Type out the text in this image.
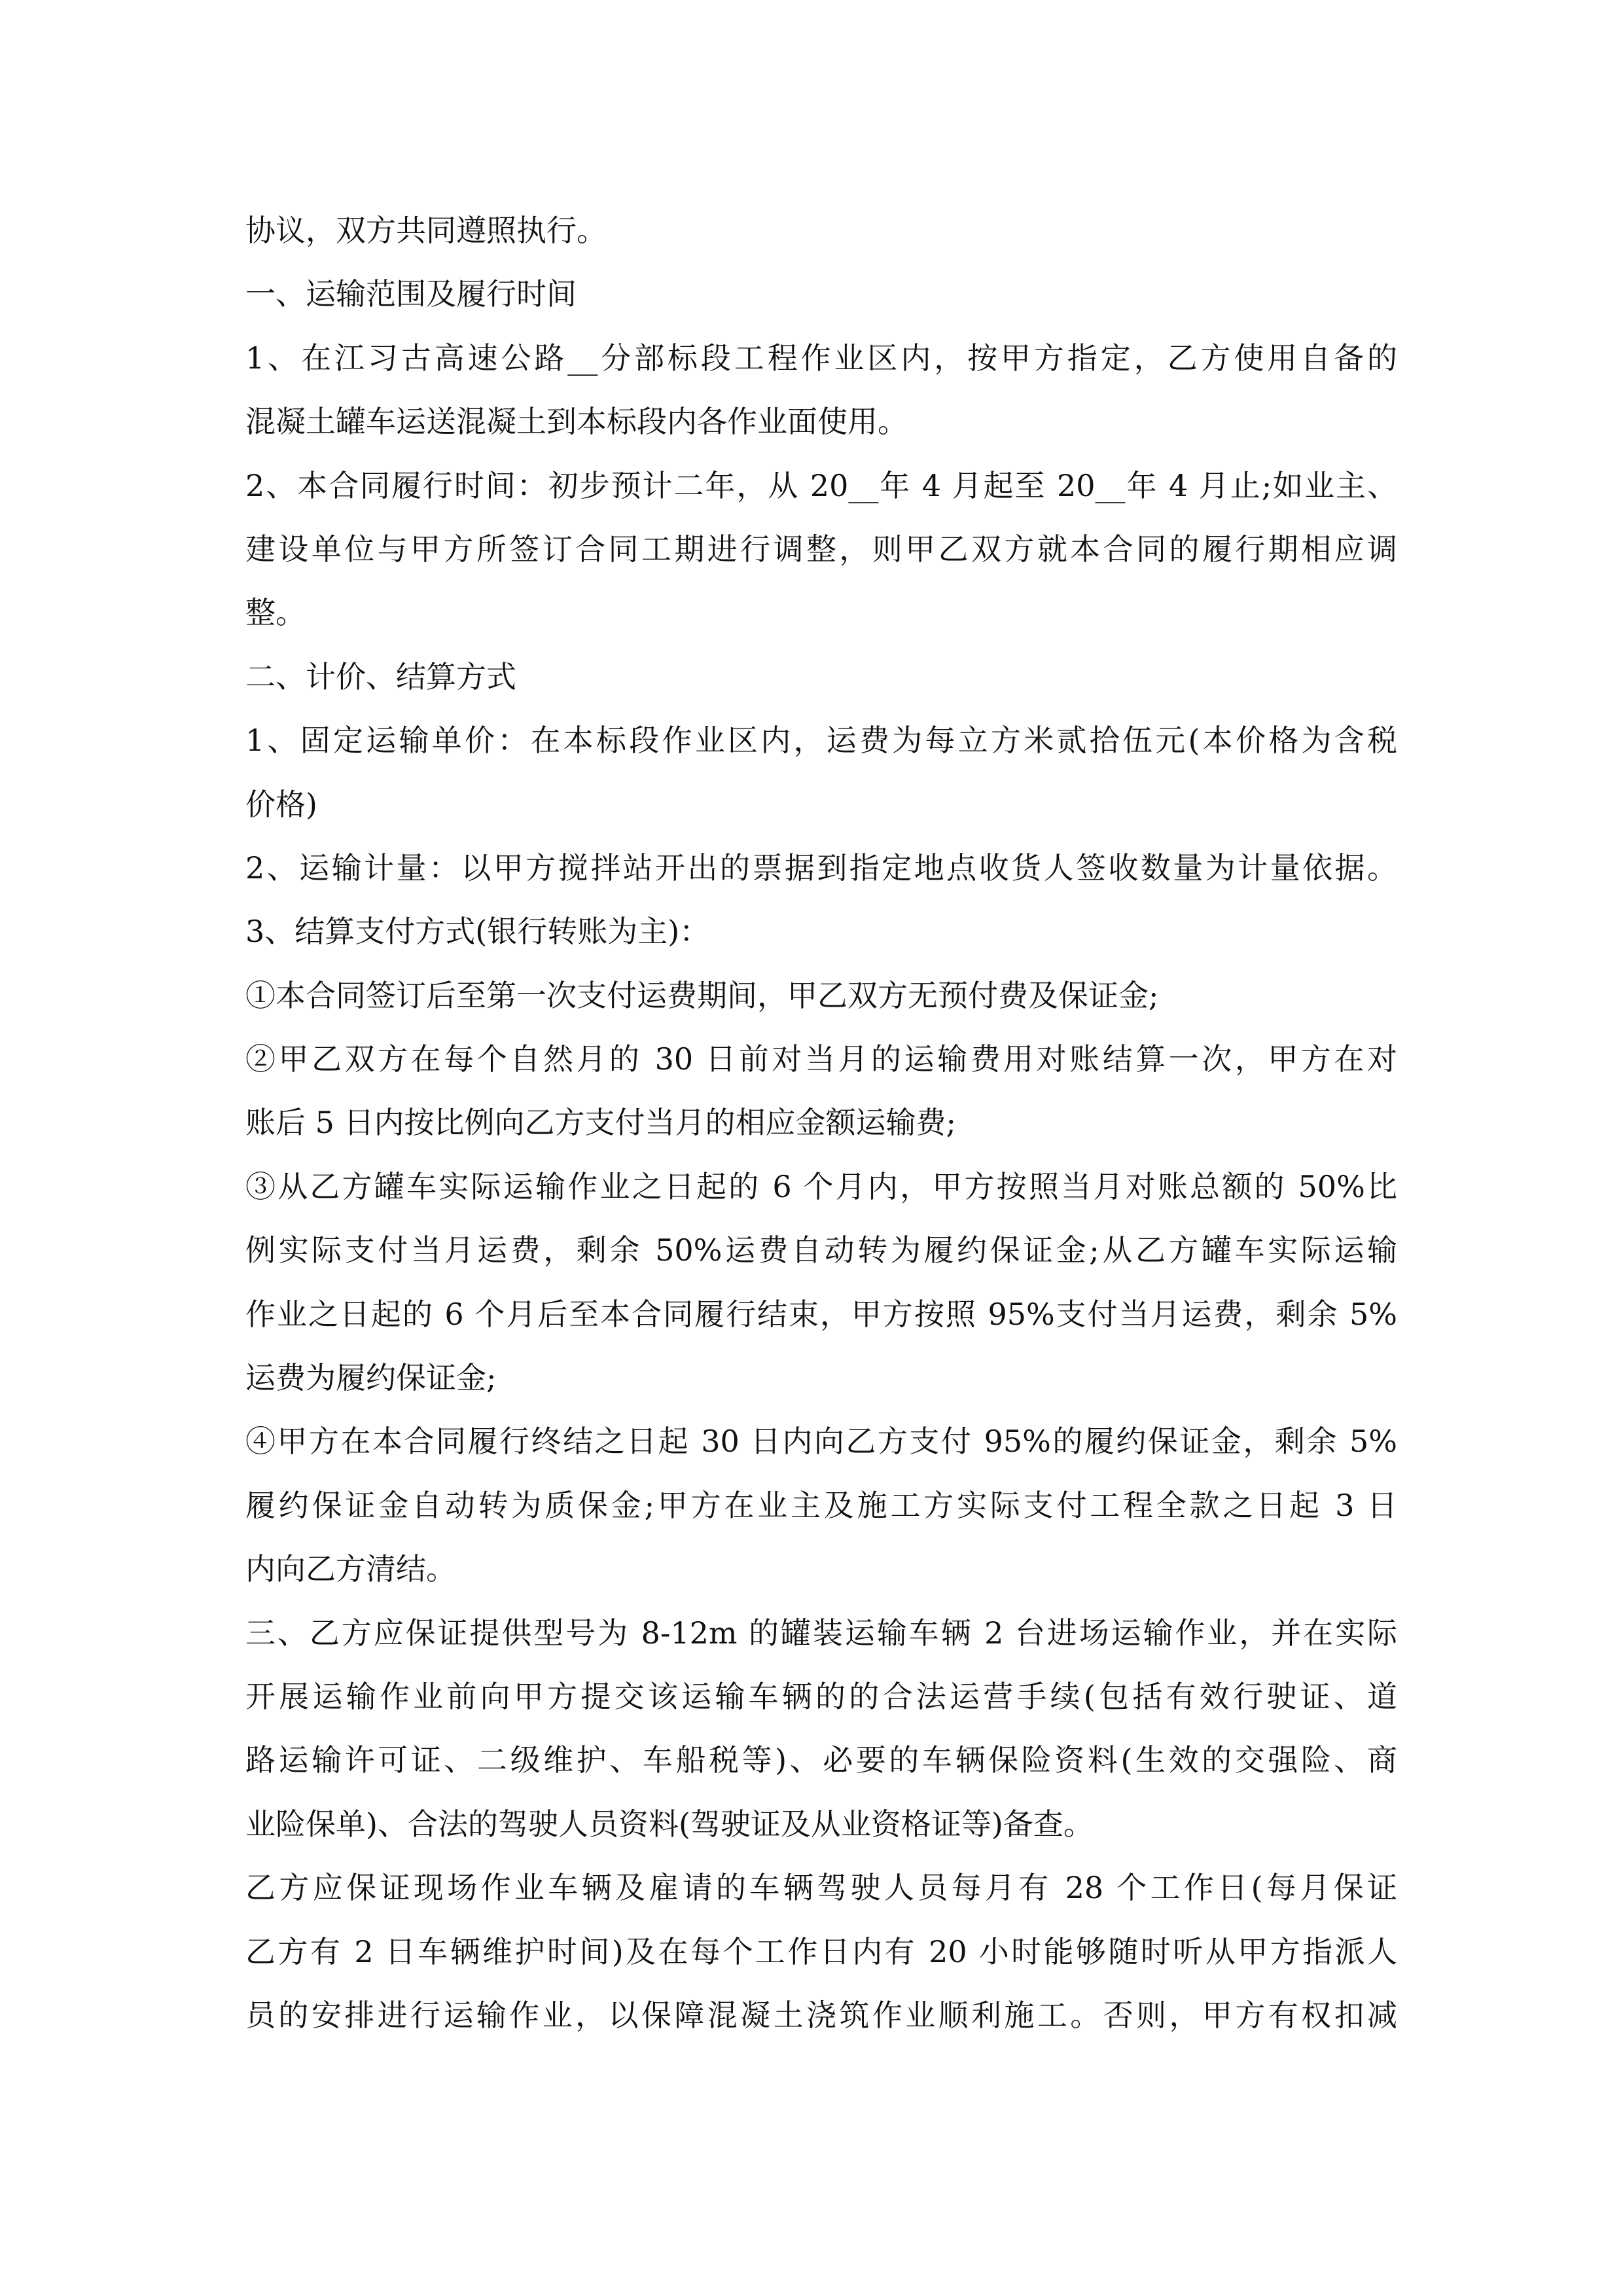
协议，双方共同遵照执行。
一、运输范围及履行时间
1、在江习古高速公路__分部标段工程作业区内，按甲方指定，乙方使用自备的
混凝土罐车运送混凝土到本标段内各作业面使用。
2、本合同履行时间：初步预计二年，从 20__年 4 月起至 20__年 4 月止;如业主、
建设单位与甲方所签订合同工期进行调整，则甲乙双方就本合同的履行期相应调
整。
二、计价、结算方式
1、固定运输单价：在本标段作业区内，运费为每立方米贰拾伍元(本价格为含税
价格)
2、运输计量：以甲方搅拌站开出的票据到指定地点收货人签收数量为计量依据。
3、结算支付方式(银行转账为主)：
①本合同签订后至第一次支付运费期间，甲乙双方无预付费及保证金;
②甲乙双方在每个自然月的 30 日前对当月的运输费用对账结算一次，甲方在对
账后 5 日内按比例向乙方支付当月的相应金额运输费;
③从乙方罐车实际运输作业之日起的 6 个月内，甲方按照当月对账总额的 50%比
例实际支付当月运费，剩余 50%运费自动转为履约保证金;从乙方罐车实际运输
作业之日起的 6 个月后至本合同履行结束，甲方按照 95%支付当月运费，剩余 5%
运费为履约保证金;
④甲方在本合同履行终结之日起 30 日内向乙方支付 95%的履约保证金，剩余 5%
履约保证金自动转为质保金;甲方在业主及施工方实际支付工程全款之日起 3 日
内向乙方清结。
三、乙方应保证提供型号为 8-12m 的罐装运输车辆 2 台进场运输作业，并在实际
开展运输作业前向甲方提交该运输车辆的的合法运营手续(包括有效行驶证、道
路运输许可证、二级维护、车船税等)、必要的车辆保险资料(生效的交强险、商
业险保单)、合法的驾驶人员资料(驾驶证及从业资格证等)备查。
乙方应保证现场作业车辆及雇请的车辆驾驶人员每月有 28 个工作日(每月保证
乙方有 2 日车辆维护时间)及在每个工作日内有 20 小时能够随时听从甲方指派人
员的安排进行运输作业，以保障混凝土浇筑作业顺利施工。否则，甲方有权扣减
